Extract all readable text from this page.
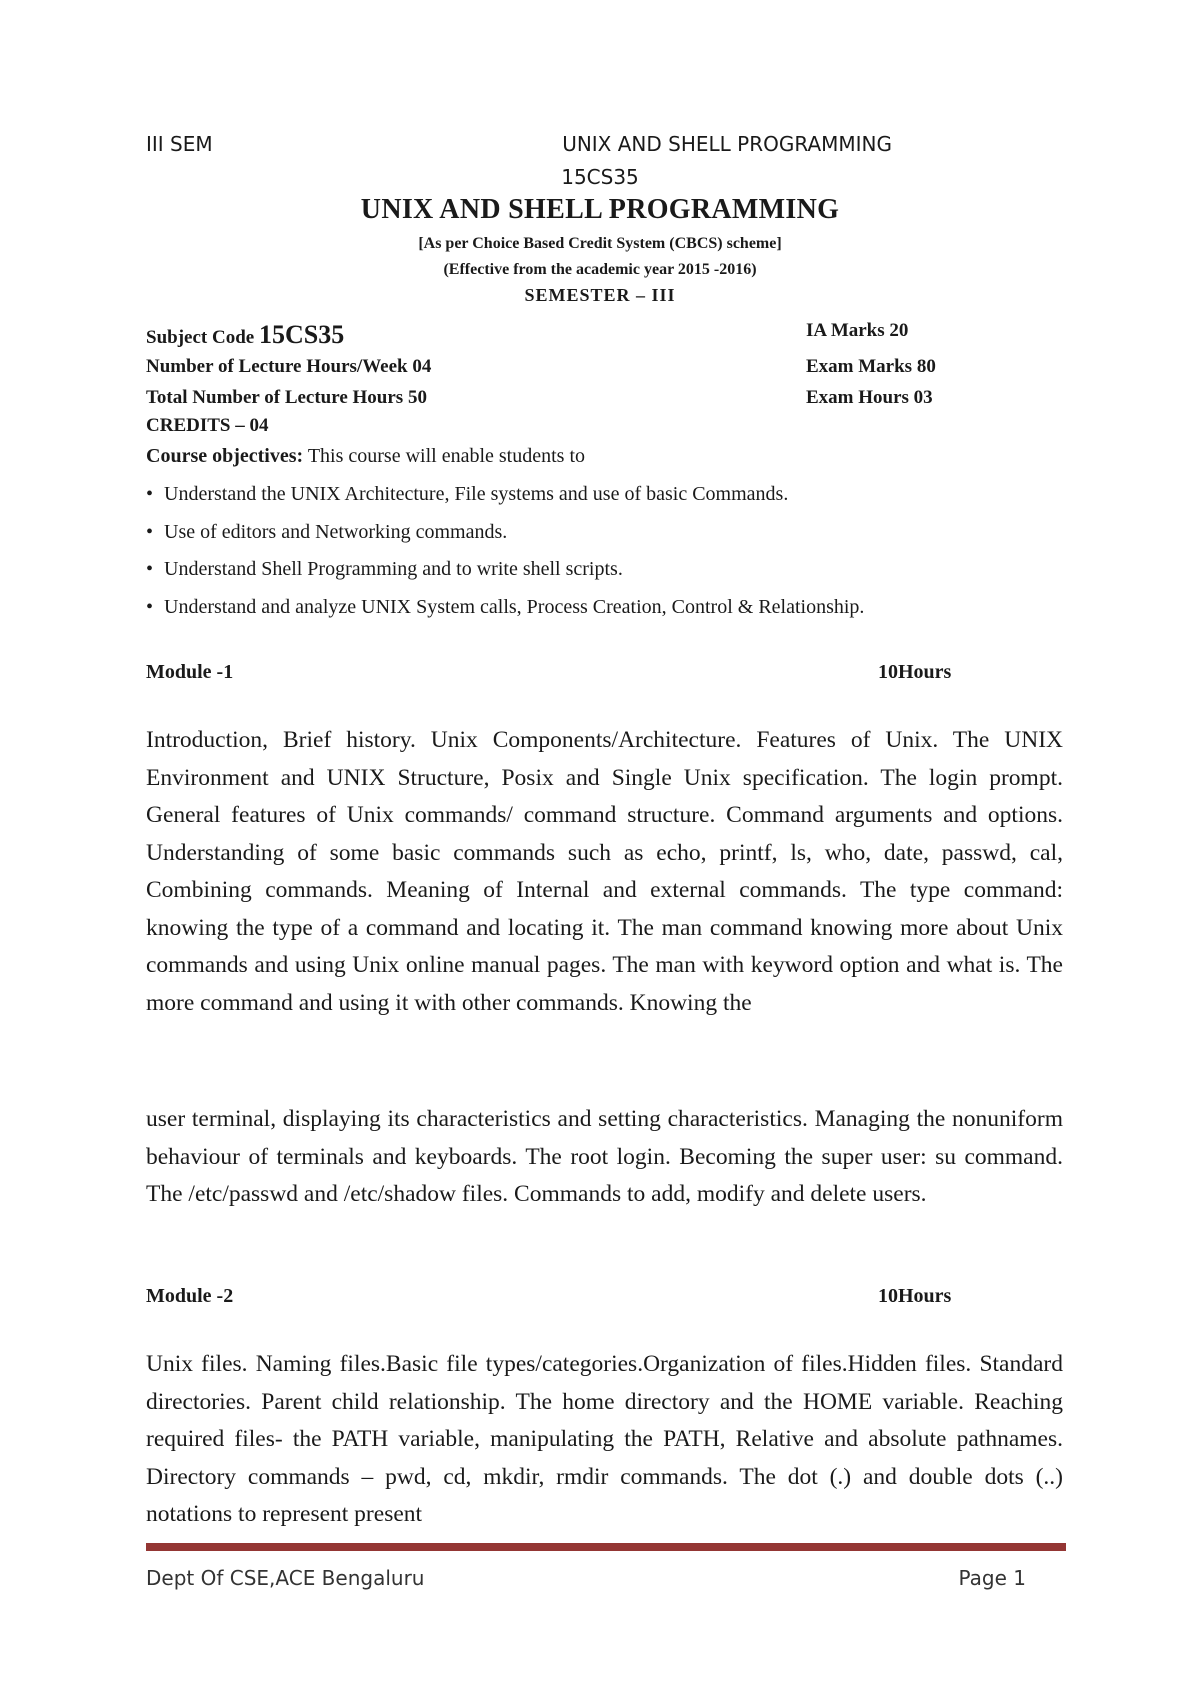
III SEM	UNIX AND SHELL PROGRAMMING
15CS35
UNIX AND SHELL PROGRAMMING
[As per Choice Based Credit System (CBCS) scheme]
(Effective from the academic year 2015 -2016)
SEMESTER – III
Subject Code 15CS35	IA Marks 20
Number of Lecture Hours/Week 04	Exam Marks 80
Total Number of Lecture Hours 50	Exam Hours 03
CREDITS – 04
Course objectives: This course will enable students to
• Understand the UNIX Architecture, File systems and use of basic Commands.
• Use of editors and Networking commands.
• Understand Shell Programming and to write shell scripts.
• Understand and analyze UNIX System calls, Process Creation, Control & Relationship.
Module -1	10Hours

Introduction, Brief history. Unix Components/Architecture. Features of Unix. The UNIX Environment and UNIX Structure, Posix and Single Unix specification. The login prompt. General features of Unix commands/ command structure. Command arguments and options. Understanding of some basic commands such as echo, printf, ls, who, date, passwd, cal, Combining commands. Meaning of Internal and external commands. The type command: knowing the type of a command and locating it. The man command knowing more about Unix commands and using Unix online manual pages. The man with keyword option and what is. The more command and using it with other commands. Knowing the

user terminal, displaying its characteristics and setting characteristics. Managing the nonuniform behaviour of terminals and keyboards. The root login. Becoming the super user: su command. The /etc/passwd and /etc/shadow files. Commands to add, modify and delete users.

Module -2	10Hours

Unix files. Naming files.Basic file types/categories.Organization of files.Hidden files. Standard directories. Parent child relationship. The home directory and the HOME variable. Reaching required files- the PATH variable, manipulating the PATH, Relative and absolute pathnames. Directory commands – pwd, cd, mkdir, rmdir commands. The dot (.) and double dots (..) notations to represent present

Dept Of CSE,ACE Bengaluru	Page 1
